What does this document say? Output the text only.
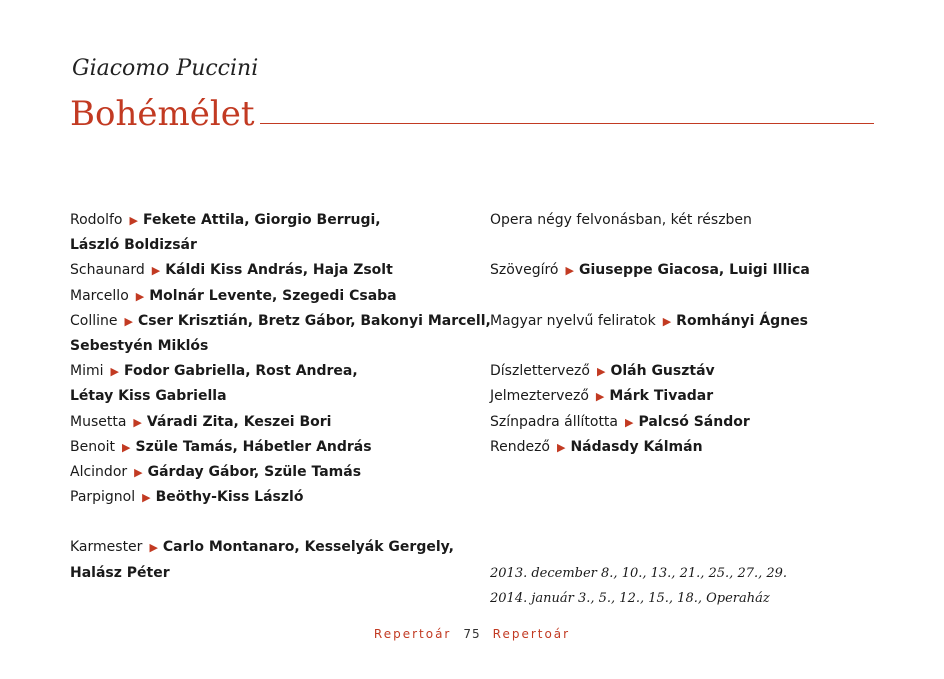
Giacomo Puccini
Bohémélet
Rodolfo ▶ Fekete Attila, Giorgio Berrugi,
László Boldizsár
Schaunard ▶ Káldi Kiss András, Haja Zsolt
Marcello ▶ Molnár Levente, Szegedi Csaba
Colline ▶ Cser Krisztián, Bretz Gábor, Bakonyi Marcell,
Sebestyén Miklós
Mimi ▶ Fodor Gabriella, Rost Andrea,
Létay Kiss Gabriella
Musetta ▶ Váradi Zita, Keszei Bori
Benoit ▶ Szüle Tamás, Hábetler András
Alcindor ▶ Gárday Gábor, Szüle Tamás
Parpignol ▶ Beöthy-Kiss László
Karmester ▶ Carlo Montanaro, Kesselyák Gergely,
Halász Péter
Opera négy felvonásban, két részben
Szövegíró ▶ Giuseppe Giacosa, Luigi Illica
Magyar nyelvű feliratok ▶ Romhányi Ágnes
Díszlettervező ▶ Oláh Gusztáv
Jelmeztervező ▶ Márk Tivadar
Színpadra állította ▶ Palcsó Sándor
Rendező ▶ Nádasdy Kálmán
2013. december 8., 10., 13., 21., 25., 27., 29.
2014. január 3., 5., 12., 15., 18., Operaház
Repertoár 75 Repertoár
